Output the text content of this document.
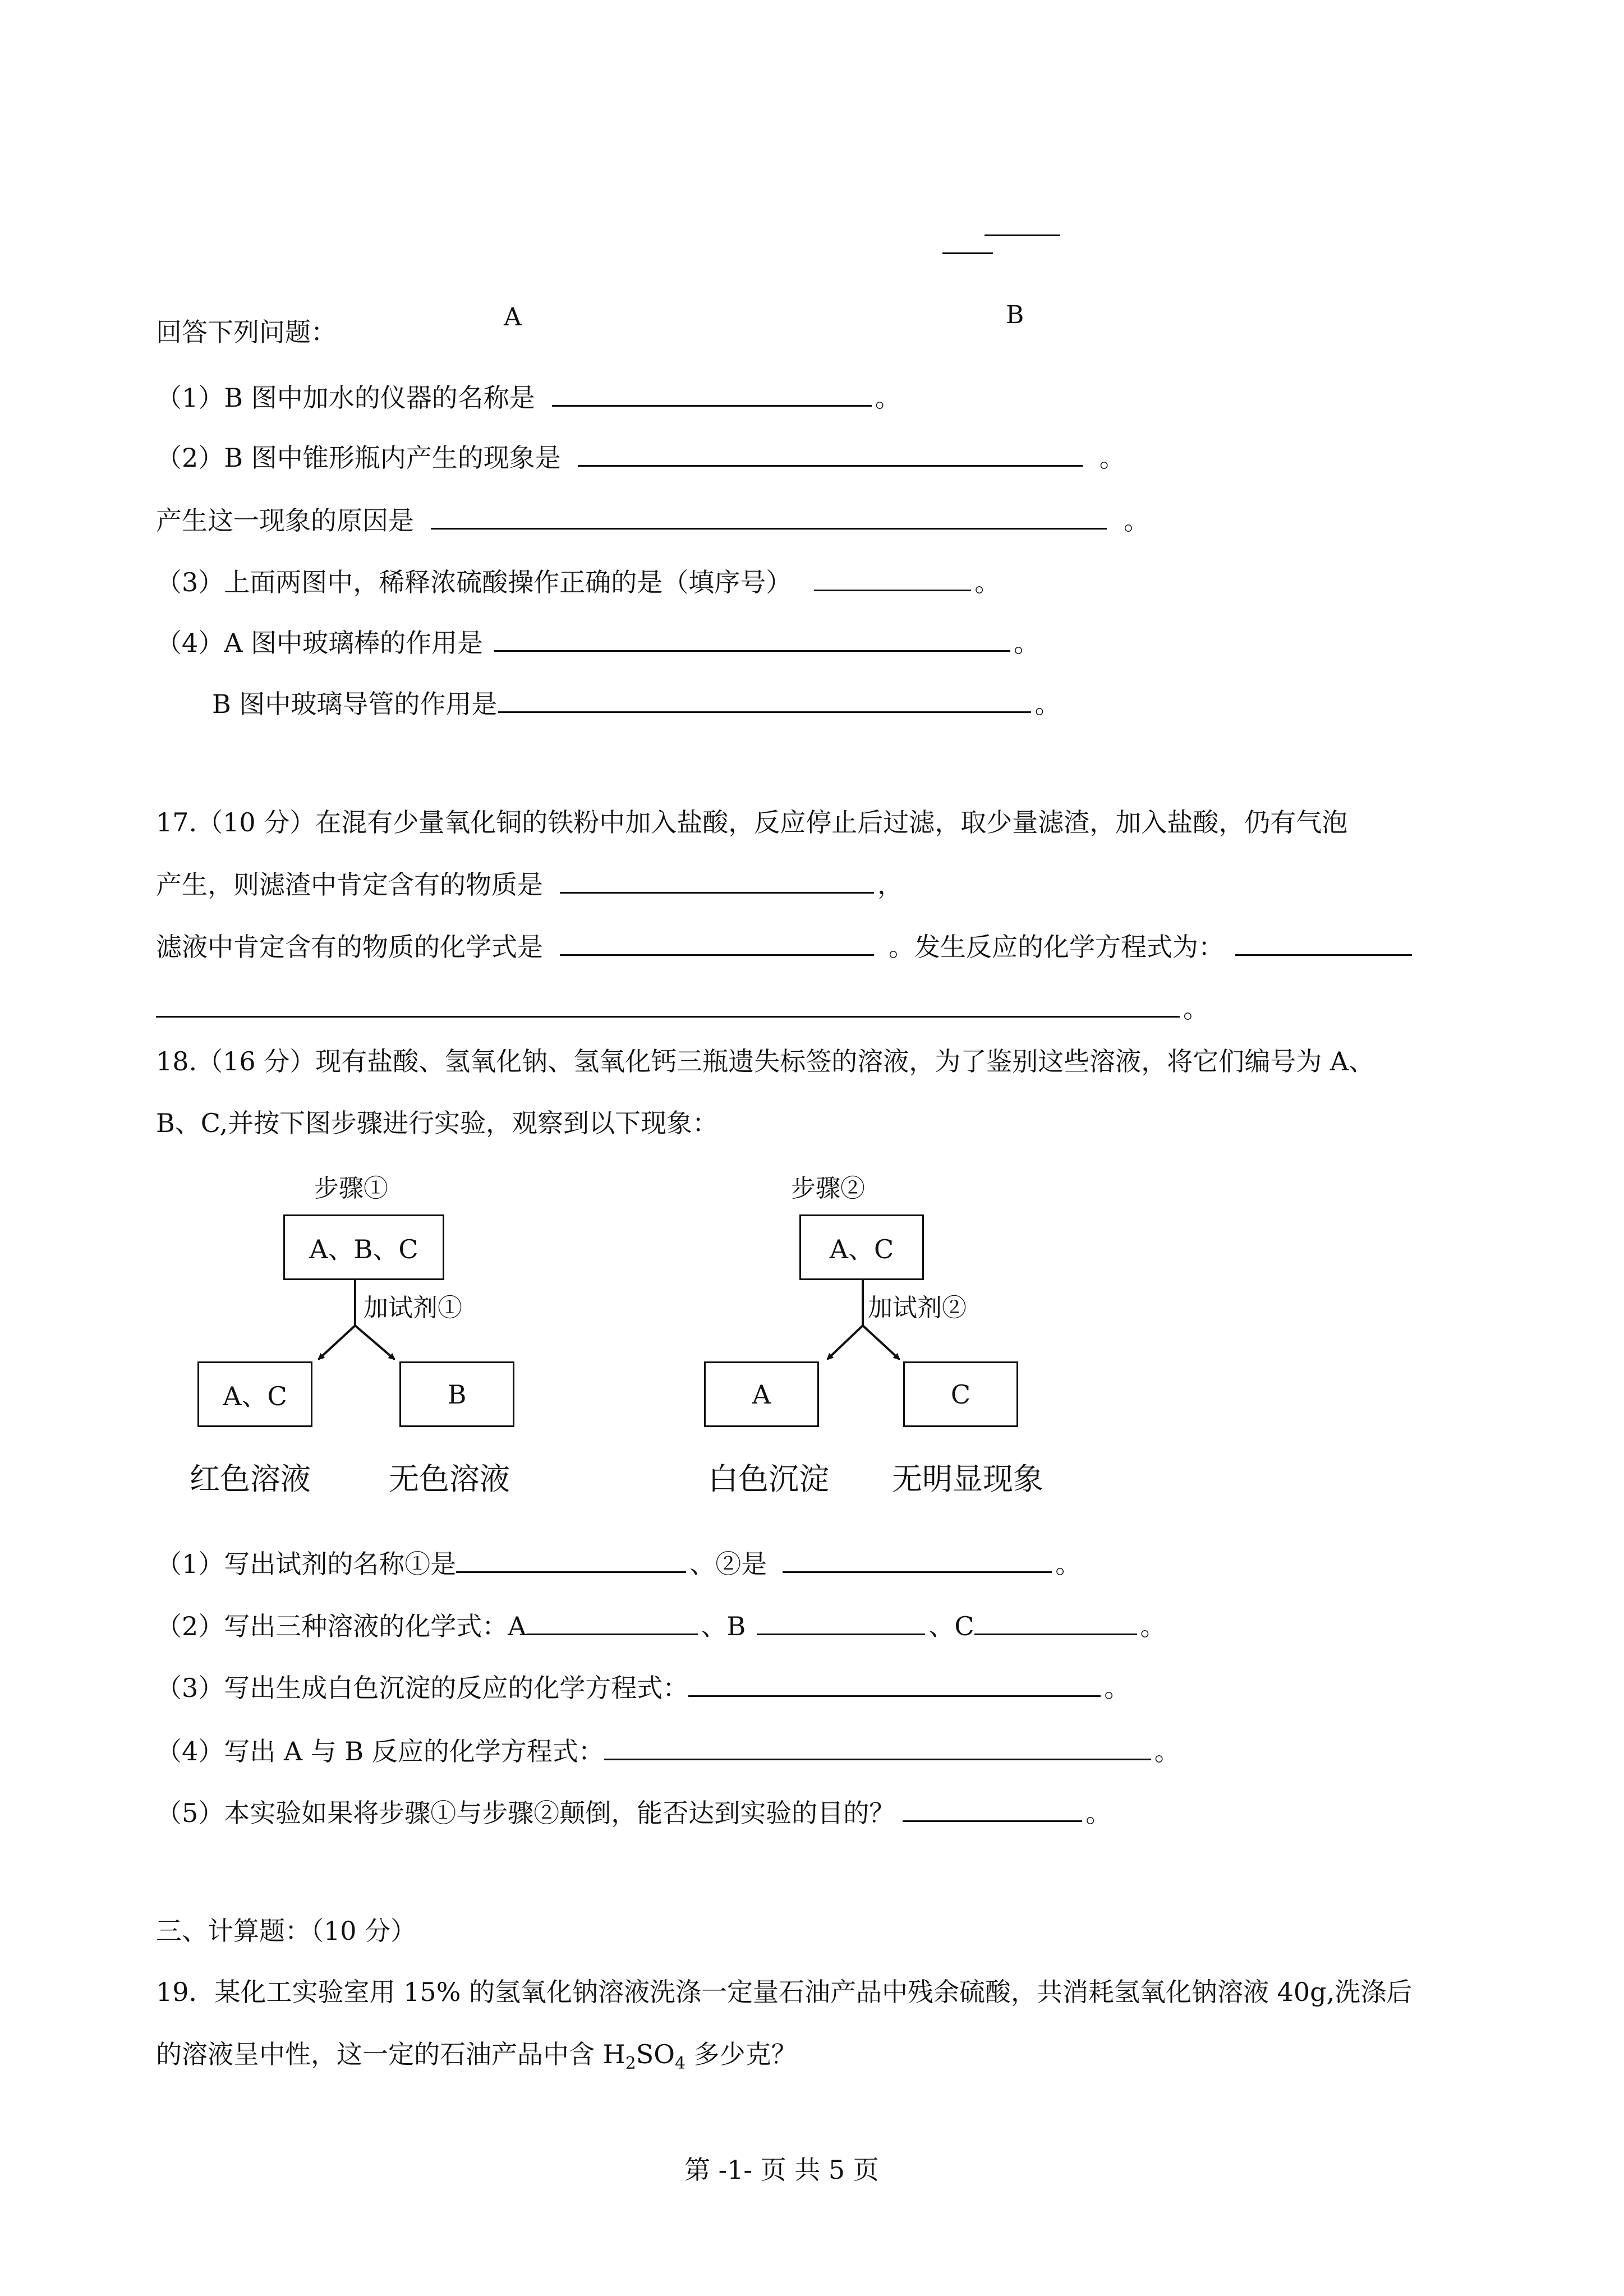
A	B
回答下列问题：
（1）B 图中加水的仪器的名称是	。
（2）B 图中锥形瓶内产生的现象是	。
产生这一现象的原因是	。
（3）上面两图中，稀释浓硫酸操作正确的是（填序号）	。
（4）A 图中玻璃棒的作用是	。
B 图中玻璃导管的作用是	。
17.（10 分）在混有少量氧化铜的铁粉中加入盐酸，反应停止后过滤，取少量滤渣，加入盐酸，仍有气泡
产生，则滤渣中肯定含有的物质是	，
滤液中肯定含有的物质的化学式是	。发生反应的化学方程式为：
。
18.（16 分）现有盐酸、氢氧化钠、氢氧化钙三瓶遗失标签的溶液，为了鉴别这些溶液，将它们编号为 A、
B、C,并按下图步骤进行实验，观察到以下现象：
步骤①	步骤②
A、B、C	A、C
加试剂①	加试剂②
A、C	B	A	C
红色溶液	无色溶液	白色沉淀 无明显现象
（1）写出试剂的名称①是	、②是	。
（2）写出三种溶液的化学式：A	、B	、C	。
（3）写出生成白色沉淀的反应的化学方程式：	。
（4）写出 A 与 B 反应的化学方程式：	。
（5）本实验如果将步骤①与步骤②颠倒，能否达到实验的目的？	。
三、计算题：（10 分）
19．某化工实验室用 15% 的氢氧化钠溶液洗涤一定量石油产品中残余硫酸，共消耗氢氧化钠溶液 40g,洗涤后
的溶液呈中性，这一定的石油产品中含 $H_2SO_4$ 多少克？
第 -1- 页 共 5 页
